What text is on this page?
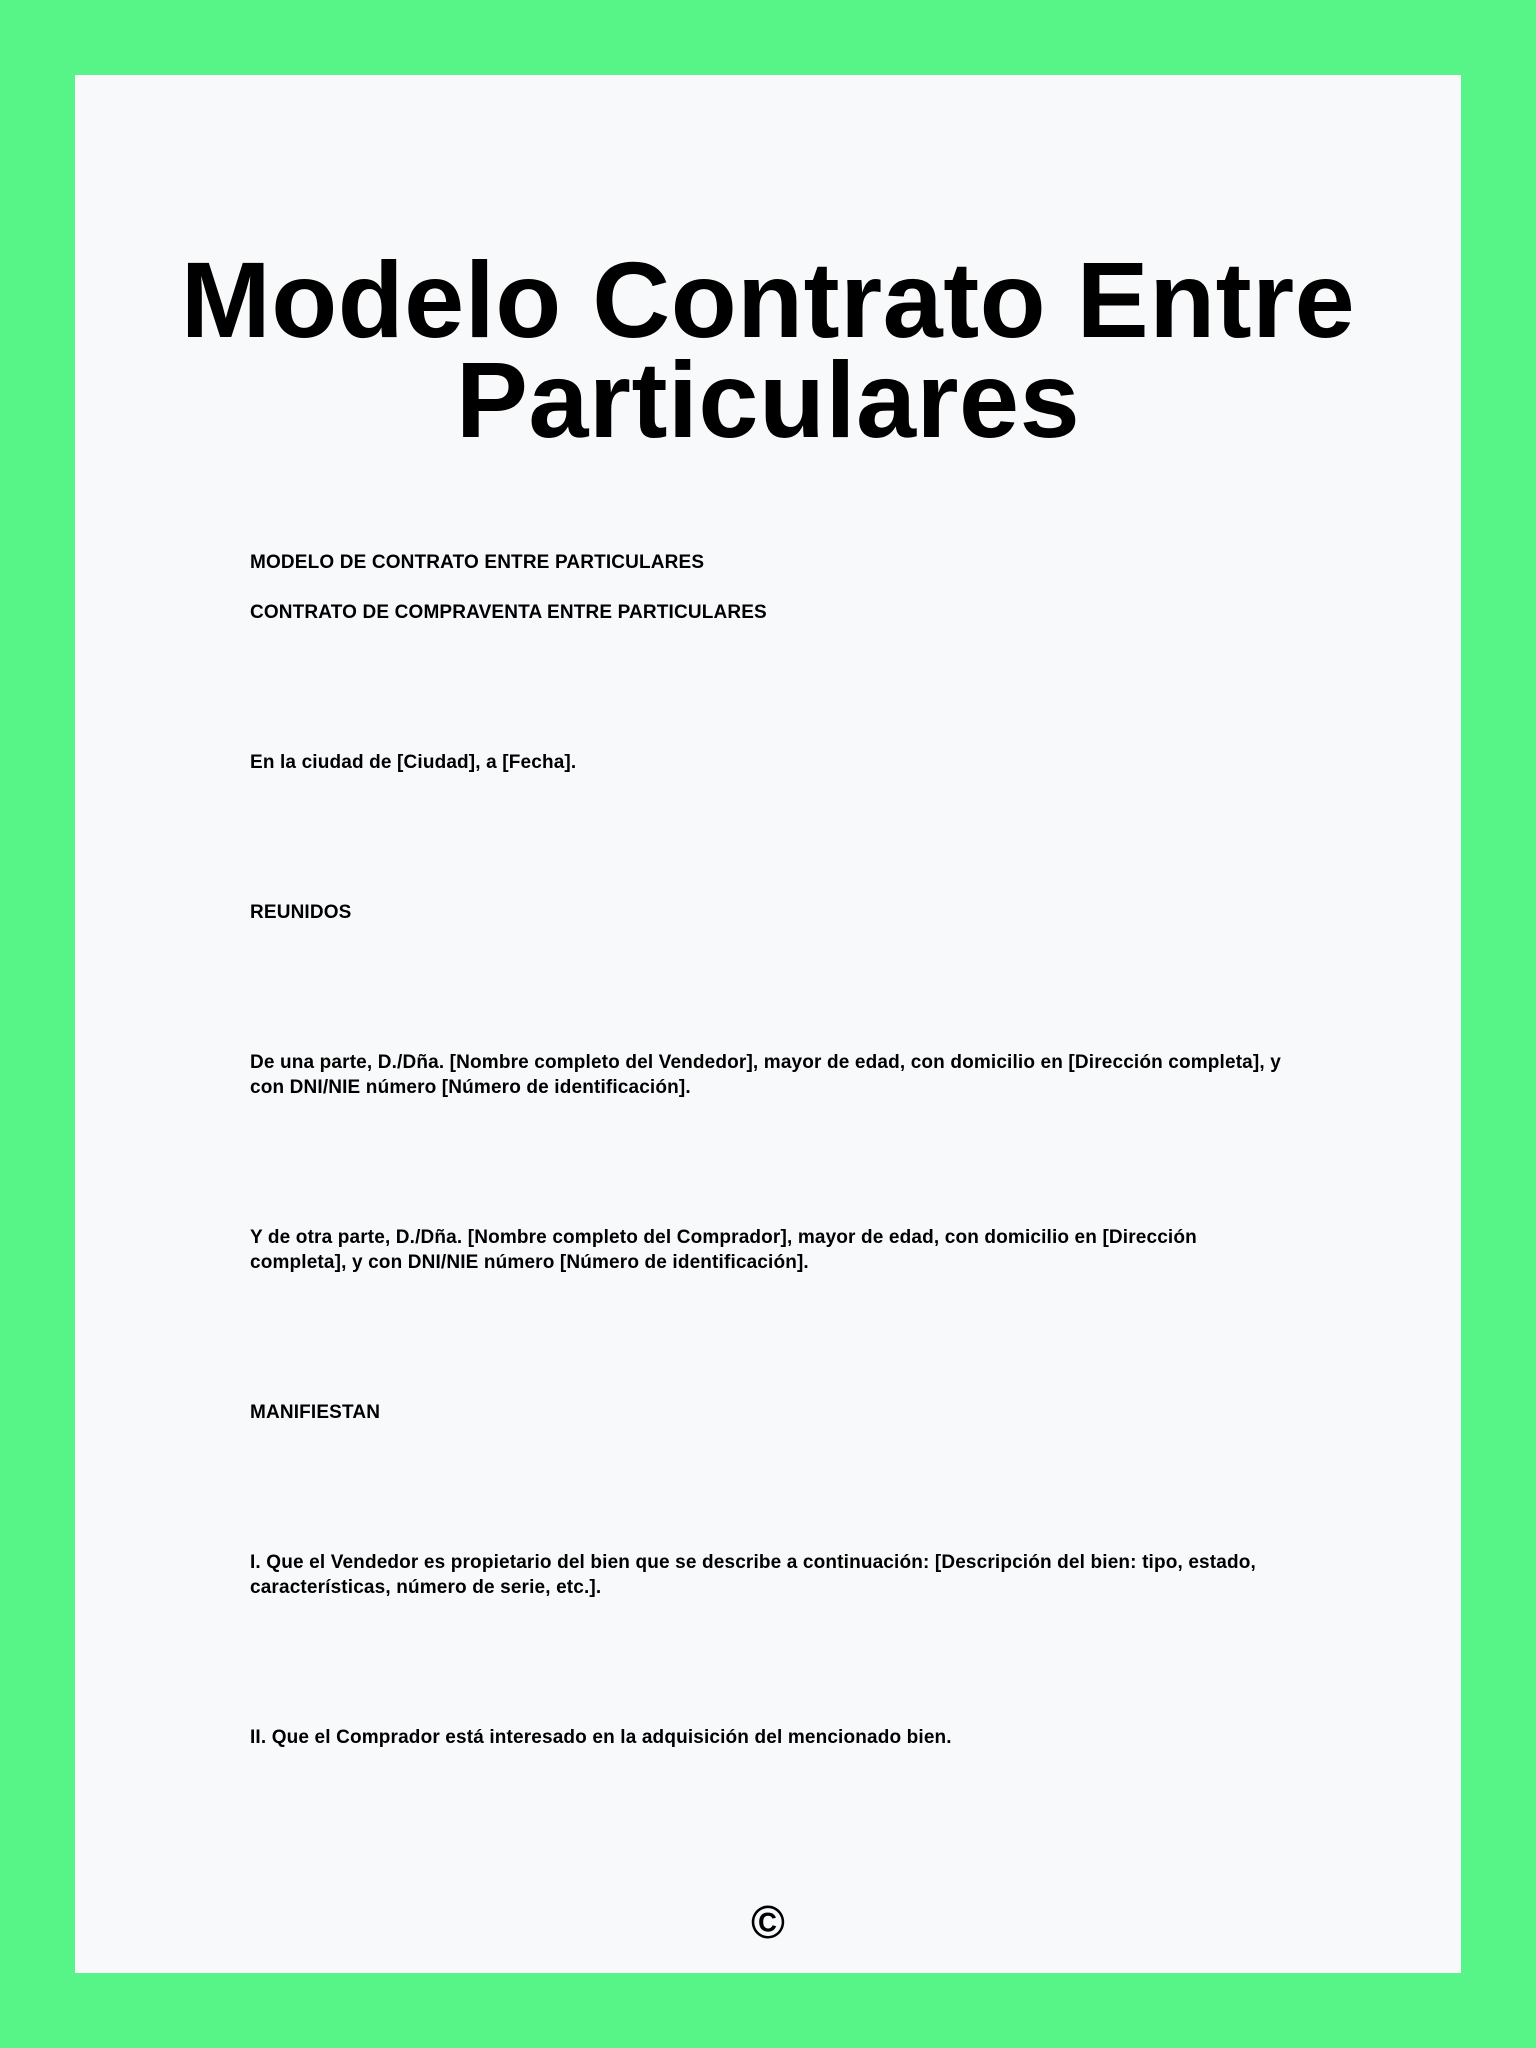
Modelo Contrato Entre Particulares

MODELO DE CONTRATO ENTRE PARTICULARES

CONTRATO DE COMPRAVENTA ENTRE PARTICULARES

En la ciudad de [Ciudad], a [Fecha].

REUNIDOS

De una parte, D./Dña. [Nombre completo del Vendedor], mayor de edad, con domicilio en [Dirección completa], y con DNI/NIE número [Número de identificación].

Y de otra parte, D./Dña. [Nombre completo del Comprador], mayor de edad, con domicilio en [Dirección completa], y con DNI/NIE número [Número de identificación].

MANIFIESTAN

I. Que el Vendedor es propietario del bien que se describe a continuación: [Descripción del bien: tipo, estado, características, número de serie, etc.].

II. Que el Comprador está interesado en la adquisición del mencionado bien.

©
